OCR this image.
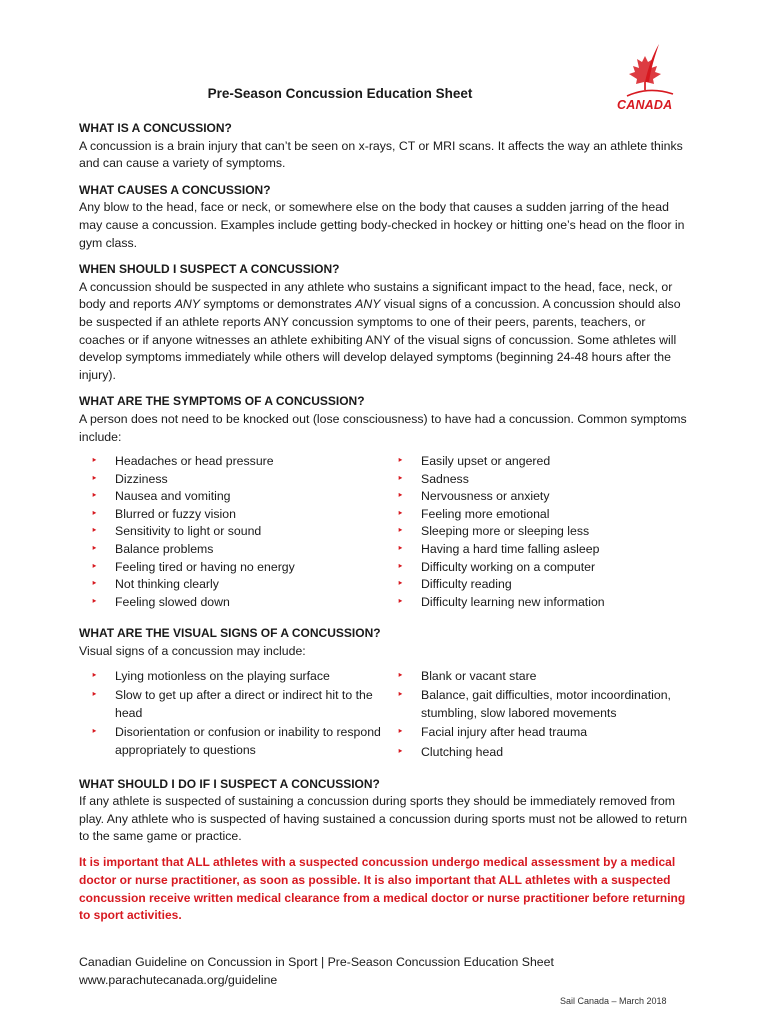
CANADA
Pre-Season Concussion Education Sheet
WHAT IS A CONCUSSION?
A concussion is a brain injury that can’t be seen on x-rays, CT or MRI scans. It affects the way an athlete thinks and can cause a variety of symptoms.
WHAT CAUSES A CONCUSSION?
Any blow to the head, face or neck, or somewhere else on the body that causes a sudden jarring of the head may cause a concussion. Examples include getting body-checked in hockey or hitting one’s head on the floor in gym class.
WHEN SHOULD I SUSPECT A CONCUSSION?
A concussion should be suspected in any athlete who sustains a significant impact to the head, face, neck, or body and reports ANY symptoms or demonstrates ANY visual signs of a concussion. A concussion should also be suspected if an athlete reports ANY concussion symptoms to one of their peers, parents, teachers, or coaches or if anyone witnesses an athlete exhibiting ANY of the visual signs of concussion. Some athletes will develop symptoms immediately while others will develop delayed symptoms (beginning 24-48 hours after the injury).
WHAT ARE THE SYMPTOMS OF A CONCUSSION?
A person does not need to be knocked out (lose consciousness) to have had a concussion. Common symptoms include:
‣ Headaches or head pressure
‣ Dizziness
‣ Nausea and vomiting
‣ Blurred or fuzzy vision
‣ Sensitivity to light or sound
‣ Balance problems
‣ Feeling tired or having no energy
‣ Not thinking clearly
‣ Feeling slowed down
‣ Easily upset or angered
‣ Sadness
‣ Nervousness or anxiety
‣ Feeling more emotional
‣ Sleeping more or sleeping less
‣ Having a hard time falling asleep
‣ Difficulty working on a computer
‣ Difficulty reading
‣ Difficulty learning new information
WHAT ARE THE VISUAL SIGNS OF A CONCUSSION?
Visual signs of a concussion may include:
‣ Lying motionless on the playing surface
‣ Slow to get up after a direct or indirect hit to the head
‣ Disorientation or confusion or inability to respond appropriately to questions
‣ Blank or vacant stare
‣ Balance, gait difficulties, motor incoordination, stumbling, slow labored movements
‣ Facial injury after head trauma
‣ Clutching head
WHAT SHOULD I DO IF I SUSPECT A CONCUSSION?
If any athlete is suspected of sustaining a concussion during sports they should be immediately removed from play. Any athlete who is suspected of having sustained a concussion during sports must not be allowed to return to the same game or practice.
It is important that ALL athletes with a suspected concussion undergo medical assessment by a medical doctor or nurse practitioner, as soon as possible. It is also important that ALL athletes with a suspected concussion receive written medical clearance from a medical doctor or nurse practitioner before returning to sport activities.
Canadian Guideline on Concussion in Sport | Pre-Season Concussion Education Sheet
www.parachutecanada.org/guideline
Sail Canada – March 2018
